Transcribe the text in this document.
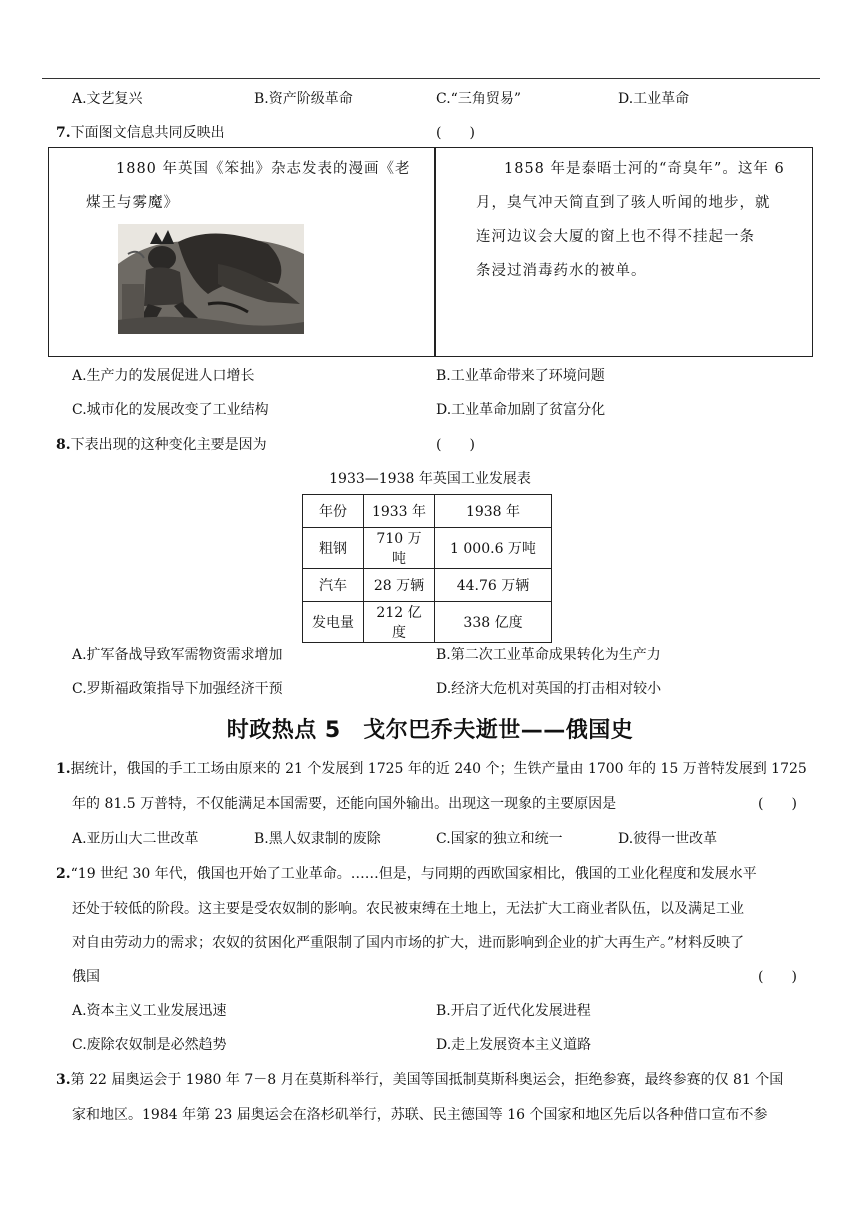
A.文艺复兴	B.资产阶级革命	C.“三角贸易”	D.工业革命
7.下面图文信息共同反映出	(　　)
1880 年英国《笨拙》杂志发表的漫画《老
煤王与雾魔》
1858 年是泰晤士河的“奇臭年”。这年 6
月，臭气冲天简直到了骇人听闻的地步，就
连河边议会大厦的窗上也不得不挂起一条
条浸过消毒药水的被单。
A.生产力的发展促进人口增长	B.工业革命带来了环境问题
C.城市化的发展改变了工业结构	D.工业革命加剧了贫富分化
8.下表出现的这种变化主要是因为	(　　)
1933—1938 年英国工业发展表
年份	1933 年	1938 年
粗钢	710 万吨	1 000.6 万吨
汽车	28 万辆	44.76 万辆
发电量	212 亿度	338 亿度
A.扩军备战导致军需物资需求增加	B.第二次工业革命成果转化为生产力
C.罗斯福政策指导下加强经济干预	D.经济大危机对英国的打击相对较小
时政热点 5　戈尔巴乔夫逝世——俄国史
1.据统计，俄国的手工工场由原来的 21 个发展到 1725 年的近 240 个；生铁产量由 1700 年的 15 万普特发展到 1725
年的 81.5 万普特，不仅能满足本国需要，还能向国外输出。出现这一现象的主要原因是	(　　)
A.亚历山大二世改革	B.黑人奴隶制的废除	C.国家的独立和统一	D.彼得一世改革
2.“19 世纪 30 年代，俄国也开始了工业革命。……但是，与同期的西欧国家相比，俄国的工业化程度和发展水平
还处于较低的阶段。这主要是受农奴制的影响。农民被束缚在土地上，无法扩大工商业者队伍，以及满足工业
对自由劳动力的需求；农奴的贫困化严重限制了国内市场的扩大，进而影响到企业的扩大再生产。”材料反映了
俄国	(　　)
A.资本主义工业发展迅速	B.开启了近代化发展进程
C.废除农奴制是必然趋势	D.走上发展资本主义道路
3.第 22 届奥运会于 1980 年 7－8 月在莫斯科举行，美国等国抵制莫斯科奥运会，拒绝参赛，最终参赛的仅 81 个国
家和地区。1984 年第 23 届奥运会在洛杉矶举行，苏联、民主德国等 16 个国家和地区先后以各种借口宣布不参
